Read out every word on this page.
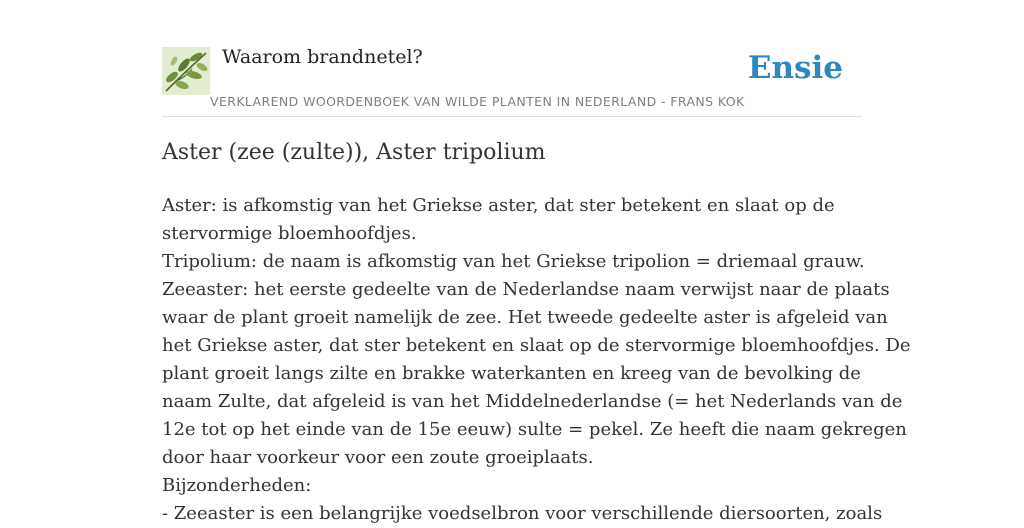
Waarom brandnetel?
VERKLAREND WOORDENBOEK VAN WILDE PLANTEN IN NEDERLAND - FRANS KOK
Ensie
Aster (zee (zulte)), Aster tripolium

Aster: is afkomstig van het Griekse aster, dat ster betekent en slaat op de

stervormige bloemhoofdjes.

Tripolium: de naam is afkomstig van het Griekse tripolion = driemaal grauw.

Zeeaster: het eerste gedeelte van de Nederlandse naam verwijst naar de plaats

waar de plant groeit namelijk de zee. Het tweede gedeelte aster is afgeleid van

het Griekse aster, dat ster betekent en slaat op de stervormige bloemhoofdjes. De

plant groeit langs zilte en brakke waterkanten en kreeg van de bevolking de

naam Zulte, dat afgeleid is van het Middelnederlandse (= het Nederlands van de

12e tot op het einde van de 15e eeuw) sulte = pekel. Ze heeft die naam gekregen

door haar voorkeur voor een zoute groeiplaats.

Bijzonderheden:

- Zeeaster is een belangrijke voedselbron voor verschillende diersoorten, zoals
